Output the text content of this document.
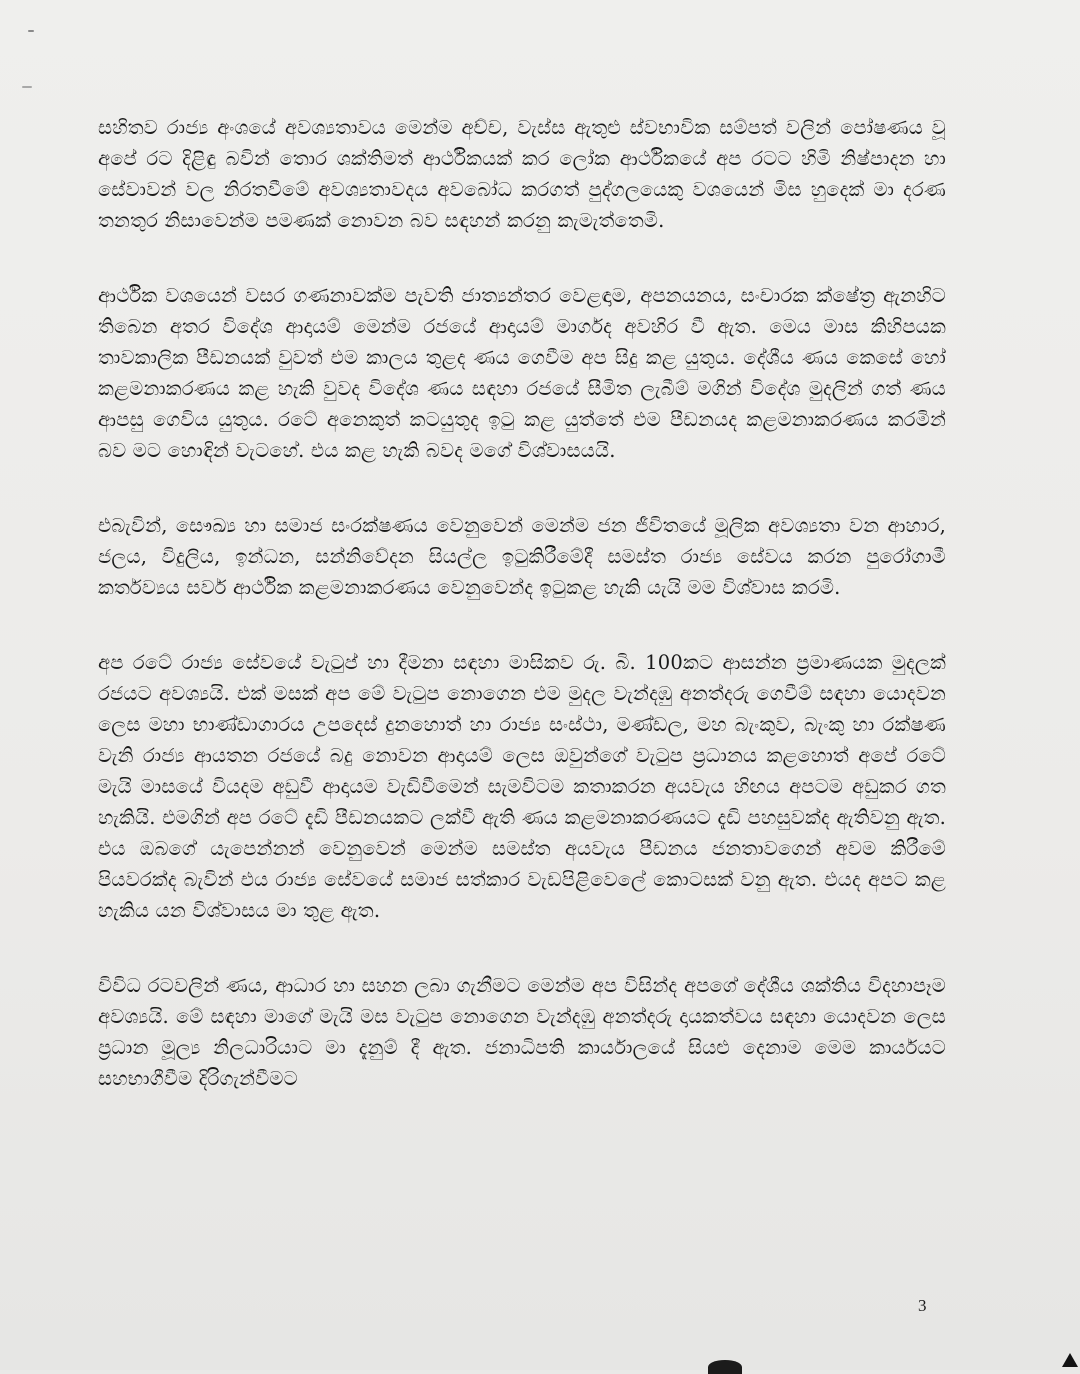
සහිතව රාජ්‍ය අංශයේ අවශ්‍යතාවය මෙන්ම අච්ච, වැස්ස ඇතුළු ස්වභාවික සම්පත් වලින් පෝෂණය වූ අපේ රට දිළිඳු බවින් තොර ශක්තිමත් ආර්ථිකයක් කර ලෝක ආර්ථිකයේ අප රටට හිමි නිෂ්පාදන හා සේවාවන් වල නිරතවීමේ අවශ්‍යතාවදය අවබෝධ කරගත් පුද්ගලයෙකු වශයෙන් මිස හුදෙක් මා දරණ තනතුර නිසාවෙන්ම පමණක් නොවන බව සඳහන් කරනු කැමැත්තෙමි.

ආර්ථික වශයෙන් වසර ගණනාවක්ම පැවති ජාත්‍යන්තර වෙළඳාම, අපනයනය, සංචාරක ක්ෂේත්‍ර ඇනහිට තිබෙන අතර විදේශ ආදායම් මෙන්ම රජයේ ආදායම් මාර්ගද අවහිර වී ඇත. මෙය මාස කිහිපයක තාවකාලික පීඩනයක් වුවත් එම කාලය තුළද ණය ගෙවීම අප සිදු කළ යුතුය. දේශීය ණය කෙසේ හෝ කළමනාකරණය කළ හැකි වුවද විදේශ ණය සඳහා රජයේ සීමිත ලැබීම් මගින් විදේශ මුදලින් ගත් ණය ආපසු ගෙවිය යුතුය. රටේ අනෙකුත් කටයුතුද ඉටු කළ යුත්තේ එම පීඩනයද කළමනාකරණය කරමින් බව මට හොඳින් වැටහේ. එය කළ හැකි බවද මගේ විශ්වාසයයි.

එබැවින්, සෞඛ්‍ය හා සමාජ සංරක්ෂණය වෙනුවෙන් මෙන්ම ජන ජීවිතයේ මූලික අවශ්‍යතා වන ආහාර, ජලය, විදුලිය, ඉන්ධන, සන්නිවේදන සියල්ල ඉටුකිරීමේදී සමස්ත රාජ්‍ය සේවය කරන පුරෝගාමී කර්තව්‍යය සර්ව ආර්ථික කළමනාකරණය වෙනුවෙන්ද ඉටුකළ හැකි යැයි මම විශ්වාස කරමි.

අප රටේ රාජ්‍ය සේවයේ වැටුප් හා දීමනා සඳහා මාසිකව රු. බි. 100කට ආසන්න ප්‍රමාණයක මුදලක් රජයට අවශ්‍යයි. එක් මසක් අප මේ වැටුප නොගෙන එම මුදල වැන්දඹු අනත්දරු ගෙවීම් සඳහා යොදවන ලෙස මහා භාණ්ඩාගාරය උපදෙස් දුනහොත් හා රාජ්‍ය සංස්ථා, මණ්ඩල, මහ බැංකුව, බැංකු හා රක්ෂණ වැනි රාජ්‍ය ආයතන රජයේ බදු නොවන ආදායම් ලෙස ඔවුන්ගේ වැටුප ප්‍රධානය කළහොත් අපේ රටේ මැයි මාසයේ වියදම අඩුවී ආදායම වැඩිවීමෙන් සැමවිටම කතාකරන අයවැය හිඟය අපටම අඩුකර ගත හැකියි. එමගින් අප රටේ දැඩි පීඩනයකට ලක්වී ඇති ණය කළමනාකරණයට දැඩි පහසුවක්ද ඇතිවනු ඇත. එය ඔබගේ යැපෙන්නන් වෙනුවෙන් මෙන්ම සමස්ත අයවැය පීඩනය ජනතාවගෙන් අවම කිරීමේ පියවරක්ද බැවින් එය රාජ්‍ය සේවයේ සමාජ සත්කාර වැඩපිළිවෙලේ කොටසක් වනු ඇත. එයද අපට කළ හැකිය යන විශ්වාසය මා තුළ ඇත.

විවිධ රටවලින් ණය, ආධාර හා සහන ලබා ගැනීමට මෙන්ම අප විසින්ද අපගේ දේශීය ශක්තිය විදහාපෑම අවශ්‍යයි. මේ සඳහා මාගේ මැයි මස වැටුප නොගෙන වැන්දඹු අනත්දරු දායකත්වය සඳහා යොදවන ලෙස ප්‍රධාන මූල්‍ය නිලධාරියාට මා දැනුම් දී ඇත. ජනාධිපති කාර්යාලයේ සියළු දෙනාම මෙම කාර්යයට සහභාගීවීම දිරිගැන්වීමට

3
